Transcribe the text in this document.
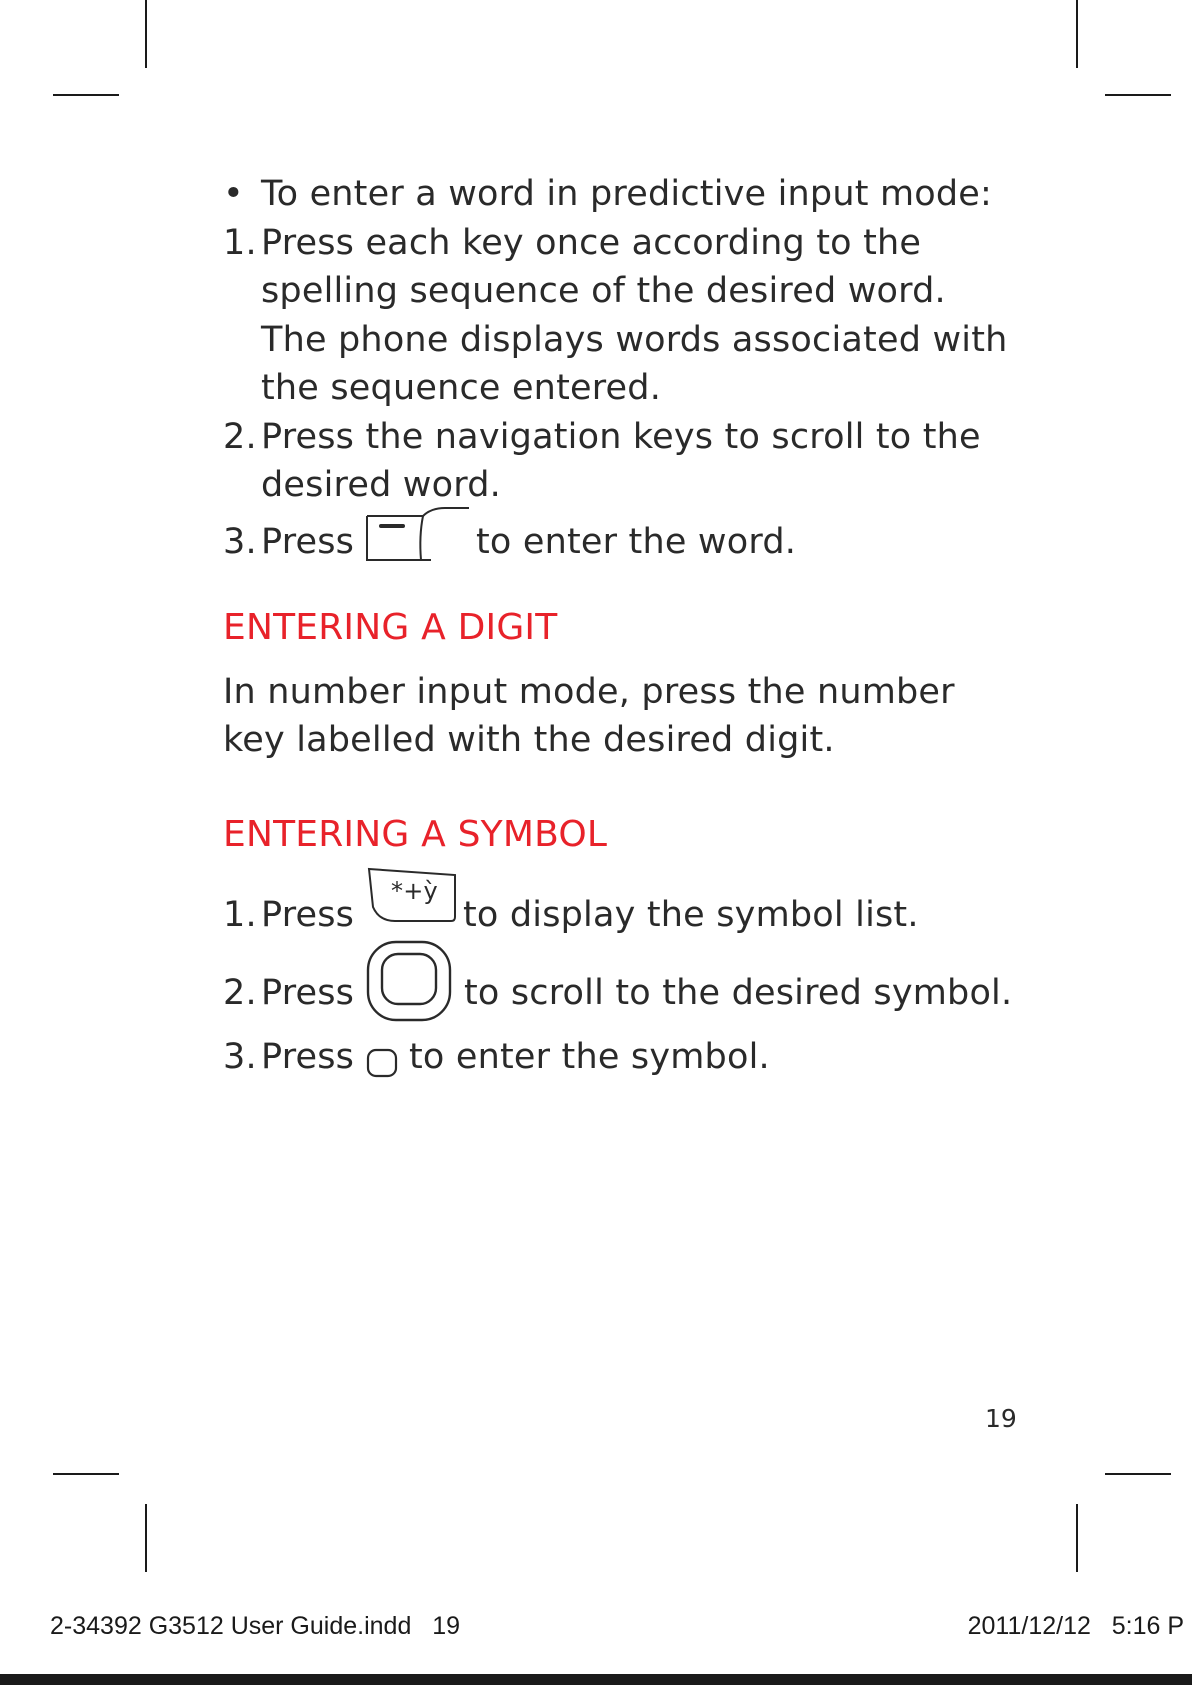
• To enter a word in predictive input mode:
1. Press each key once according to the
spelling sequence of the desired word.
The phone displays words associated with
the sequence entered.
2. Press the navigation keys to scroll to the
desired word.
3. Press	to enter the word.
ENTERING A DIGIT

In number input mode, press the number
key labelled with the desired digit.

ENTERING A SYMBOL
1. Press
*+ỳ
to display the symbol list.
2. Press	to scroll to the desired symbol.
3. Press to enter the symbol.
19
2-34392 G3512 User Guide.indd   19	2011/12/12   5:16 P
